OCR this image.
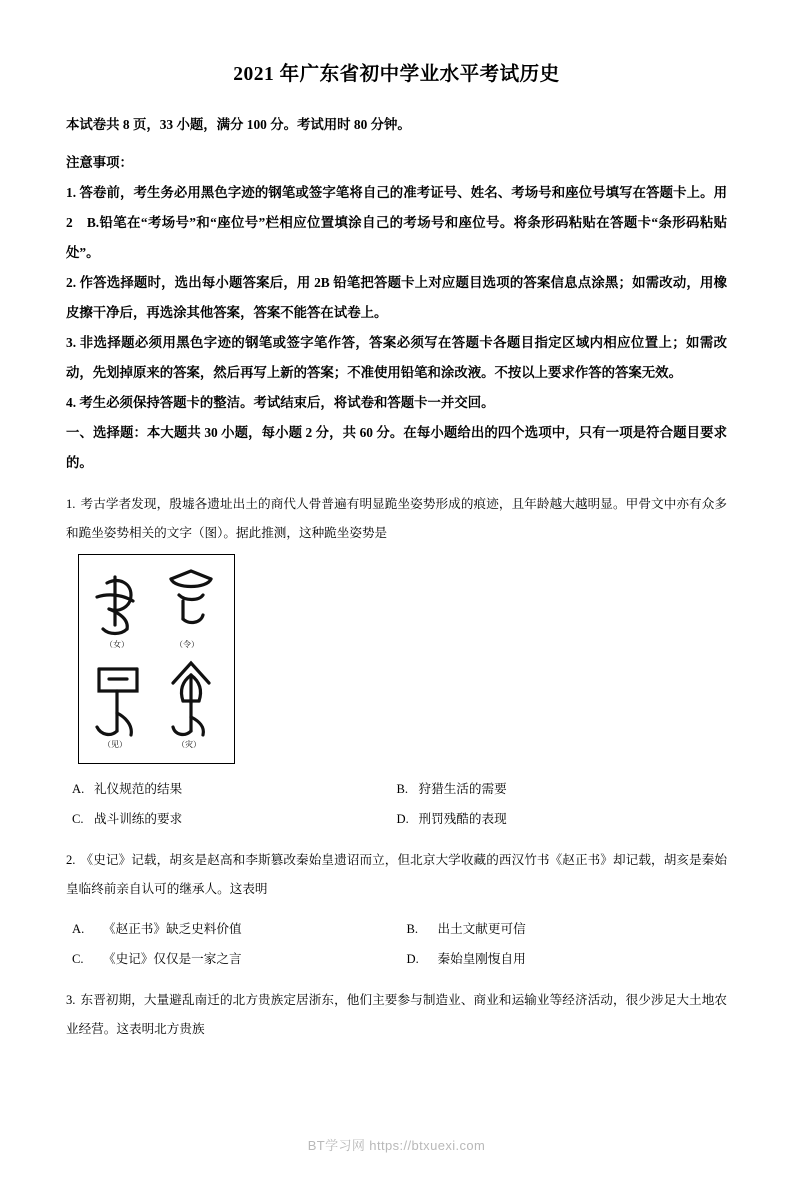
2021 年广东省初中学业水平考试历史

本试卷共 8 页，33 小题，满分 100 分。考试用时 80 分钟。

注意事项：

1. 答卷前，考生务必用黑色字迹的钢笔或签字笔将自己的准考证号、姓名、考场号和座位号填写在答题卡上。用 2　B.铅笔在“考场号”和“座位号”栏相应位置填涂自己的考场号和座位号。将条形码粘贴在答题卡“条形码粘贴处”。

2. 作答选择题时，选出每小题答案后，用 2B 铅笔把答题卡上对应题目选项的答案信息点涂黑；如需改动，用橡皮擦干净后，再选涂其他答案，答案不能答在试卷上。

3. 非选择题必须用黑色字迹的钢笔或签字笔作答，答案必须写在答题卡各题目指定区域内相应位置上；如需改动，先划掉原来的答案，然后再写上新的答案；不准使用铅笔和涂改液。不按以上要求作答的答案无效。

4. 考生必须保持答题卡的整洁。考试结束后，将试卷和答题卡一并交回。

一、选择题：本大题共 30 小题，每小题 2 分，共 60 分。在每小题给出的四个选项中，只有一项是符合题目要求的。

1. 考古学者发现，殷墟各遗址出土的商代人骨普遍有明显跪坐姿势形成的痕迹，且年龄越大越明显。甲骨文中亦有众多和跪坐姿势相关的文字（图）。据此推测，这种跪坐姿势是

（女）	（令）
（见）	（灾）
A. 礼仪规范的结果	B. 狩猎生活的需要
C. 战斗训练的要求	D. 刑罚残酷的表现

2. 《史记》记载，胡亥是赵高和李斯篡改秦始皇遗诏而立，但北京大学收藏的西汉竹书《赵正书》却记载，胡亥是秦始皇临终前亲自认可的继承人。这表明

A. 《赵正书》缺乏史料价值	B. 出土文献更可信
C. 《史记》仅仅是一家之言	D. 秦始皇刚愎自用

3. 东晋初期，大量避乱南迁的北方贵族定居浙东，他们主要参与制造业、商业和运输业等经济活动，很少涉足大土地农业经营。这表明北方贵族

BT学习网 https://btxuexi.com
